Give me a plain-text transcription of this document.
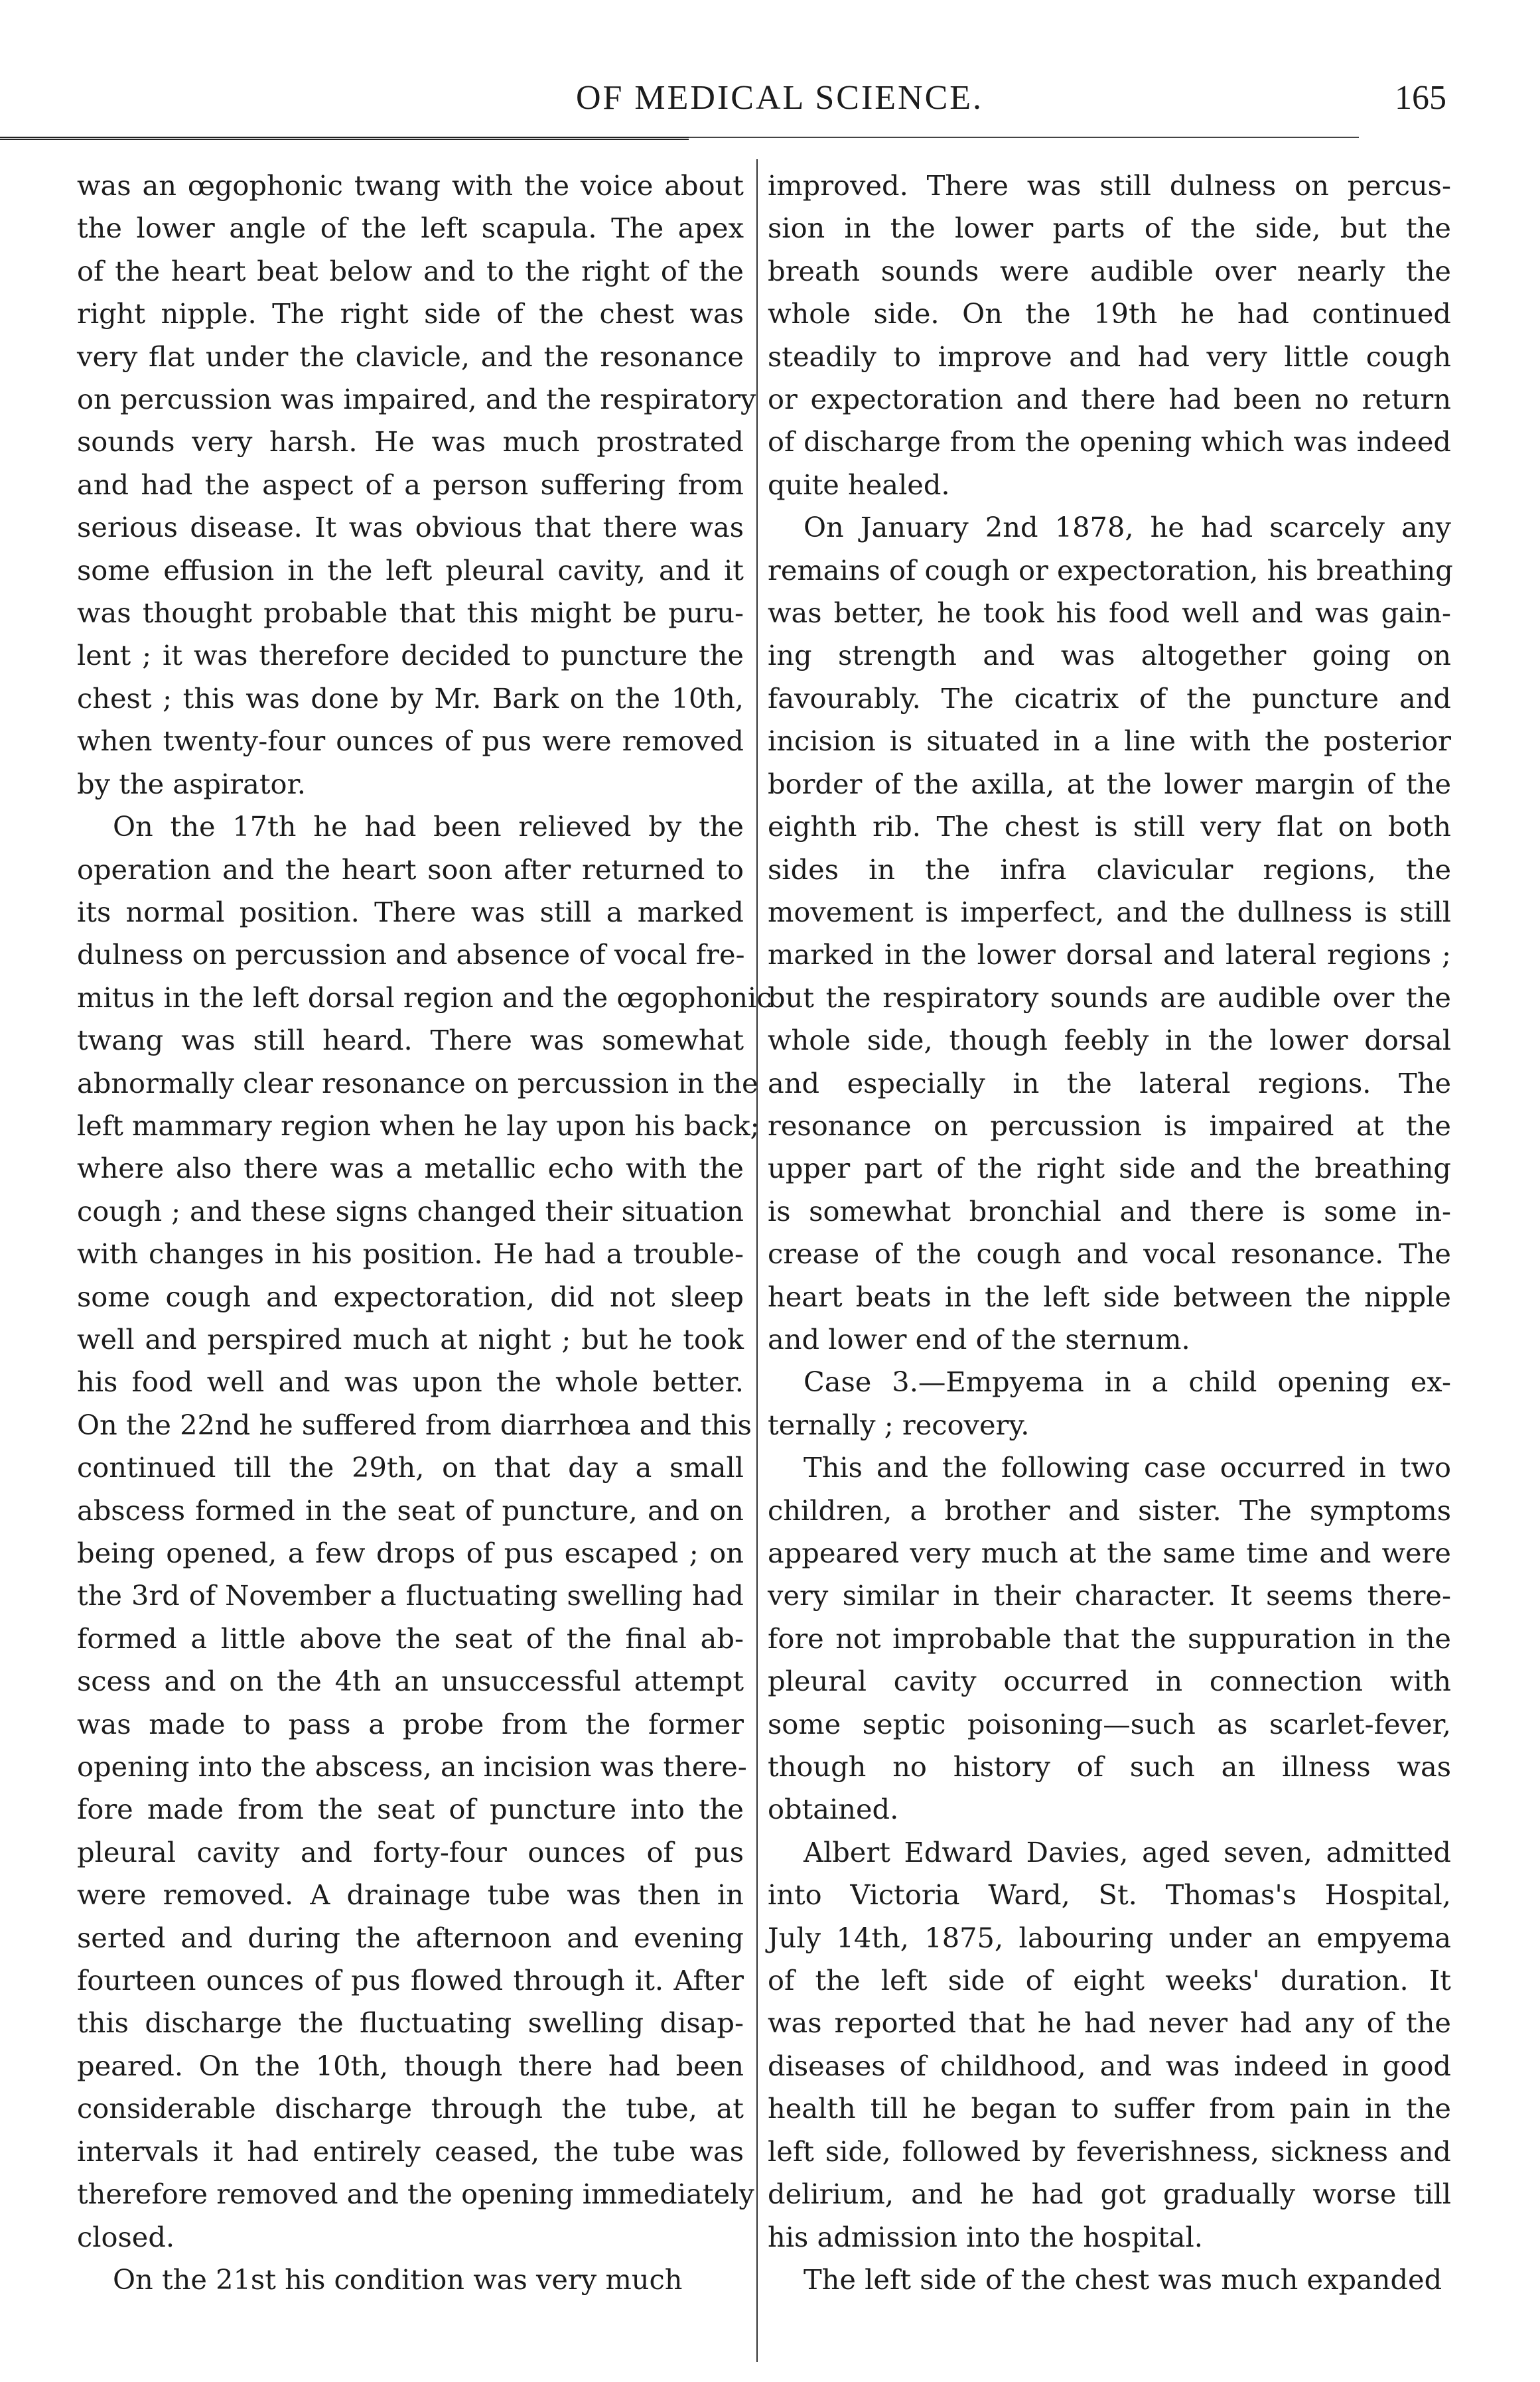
OF MEDICAL SCIENCE.	165
was an œgophonic twang with the voice about
the lower angle of the left scapula. The apex
of the heart beat below and to the right of the
right nipple. The right side of the chest was
very flat under the clavicle, and the resonance
on percussion was impaired, and the respiratory
sounds very harsh. He was much prostrated
and had the aspect of a person suffering from
serious disease. It was obvious that there was
some effusion in the left pleural cavity, and it
was thought probable that this might be puru-
lent ; it was therefore decided to puncture the
chest ; this was done by Mr. Bark on the 10th,
when twenty-four ounces of pus were removed
by the aspirator.
On the 17th he had been relieved by the
operation and the heart soon after returned to
its normal position. There was still a marked
dulness on percussion and absence of vocal fre-
mitus in the left dorsal region and the œgophonic
twang was still heard. There was somewhat
abnormally clear resonance on percussion in the
left mammary region when he lay upon his back;
where also there was a metallic echo with the
cough ; and these signs changed their situation
with changes in his position. He had a trouble-
some cough and expectoration, did not sleep
well and perspired much at night ; but he took
his food well and was upon the whole better.
On the 22nd he suffered from diarrhœa and this
continued till the 29th, on that day a small
abscess formed in the seat of puncture, and on
being opened, a few drops of pus escaped ; on
the 3rd of November a fluctuating swelling had
formed a little above the seat of the final ab-
scess and on the 4th an unsuccessful attempt
was made to pass a probe from the former
opening into the abscess, an incision was there-
fore made from the seat of puncture into the
pleural cavity and forty-four ounces of pus
were removed. A drainage tube was then in
serted and during the afternoon and evening
fourteen ounces of pus flowed through it. After
this discharge the fluctuating swelling disap-
peared. On the 10th, though there had been
considerable discharge through the tube, at
intervals it had entirely ceased, the tube was
therefore removed and the opening immediately
closed.
On the 21st his condition was very much
improved. There was still dulness on percus-
sion in the lower parts of the side, but the
breath sounds were audible over nearly the
whole side. On the 19th he had continued
steadily to improve and had very little cough
or expectoration and there had been no return
of discharge from the opening which was indeed
quite healed.
On January 2nd 1878, he had scarcely any
remains of cough or expectoration, his breathing
was better, he took his food well and was gain-
ing strength and was altogether going on
favourably. The cicatrix of the puncture and
incision is situated in a line with the posterior
border of the axilla, at the lower margin of the
eighth rib. The chest is still very flat on both
sides in the infra clavicular regions, the
movement is imperfect, and the dullness is still
marked in the lower dorsal and lateral regions ;
but the respiratory sounds are audible over the
whole side, though feebly in the lower dorsal
and especially in the lateral regions. The
resonance on percussion is impaired at the
upper part of the right side and the breathing
is somewhat bronchial and there is some in-
crease of the cough and vocal resonance. The
heart beats in the left side between the nipple
and lower end of the sternum.
Case 3.—Empyema in a child opening ex-
ternally ; recovery.
This and the following case occurred in two
children, a brother and sister. The symptoms
appeared very much at the same time and were
very similar in their character. It seems there-
fore not improbable that the suppuration in the
pleural cavity occurred in connection with
some septic poisoning—such as scarlet-fever,
though no history of such an illness was
obtained.
Albert Edward Davies, aged seven, admitted
into Victoria Ward, St. Thomas's Hospital,
July 14th, 1875, labouring under an empyema
of the left side of eight weeks' duration. It
was reported that he had never had any of the
diseases of childhood, and was indeed in good
health till he began to suffer from pain in the
left side, followed by feverishness, sickness and
delirium, and he had got gradually worse till
his admission into the hospital.
The left side of the chest was much expanded
